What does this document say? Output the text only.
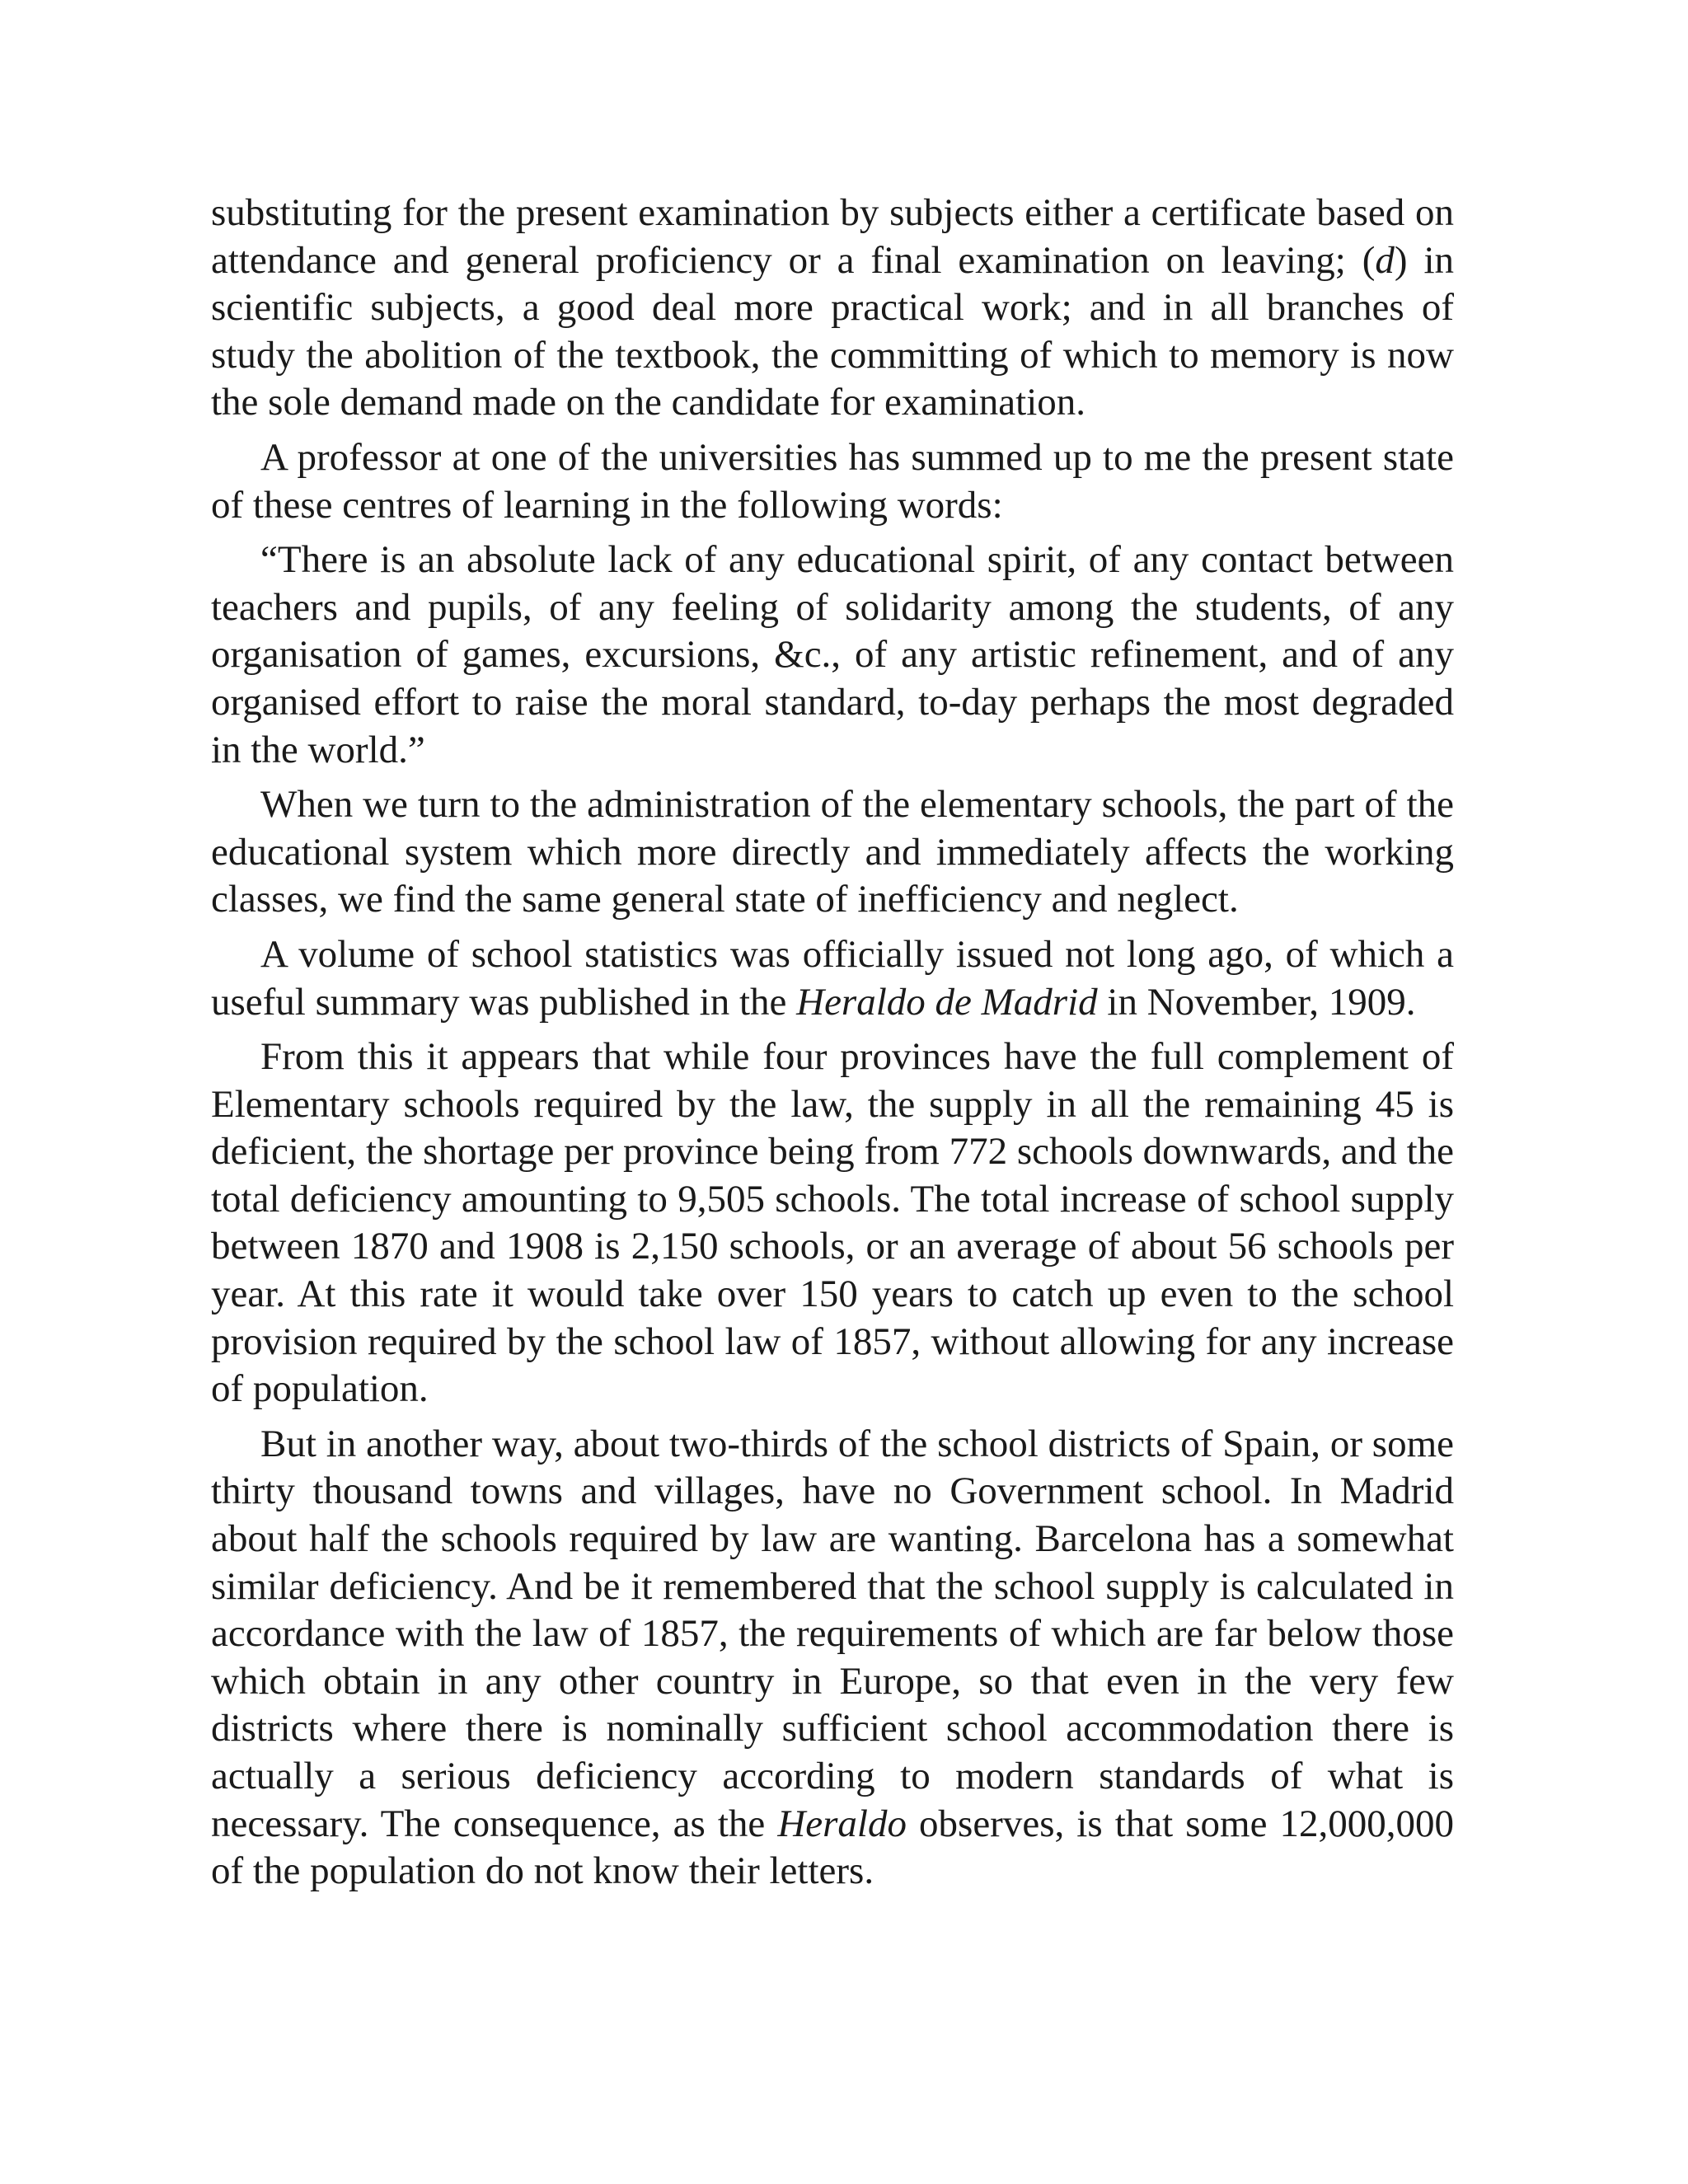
substituting for the present examination by subjects either a certificate based on attendance and general proficiency or a final examination on leaving; (d) in scientific subjects, a good deal more practical work; and in all branches of study the abolition of the textbook, the committing of which to memory is now the sole demand made on the candidate for examination.

A professor at one of the universities has summed up to me the present state of these centres of learning in the following words:

“There is an absolute lack of any educational spirit, of any contact between teachers and pupils, of any feeling of solidarity among the students, of any organisation of games, excursions, &c., of any artistic refinement, and of any organised effort to raise the moral standard, to-day perhaps the most degraded in the world.”

When we turn to the administration of the elementary schools, the part of the educational system which more directly and immediately affects the working classes, we find the same general state of inefficiency and neglect.

A volume of school statistics was officially issued not long ago, of which a useful summary was published in the Heraldo de Madrid in November, 1909.

From this it appears that while four provinces have the full complement of Elementary schools required by the law, the supply in all the remaining 45 is deficient, the shortage per province being from 772 schools downwards, and the total deficiency amounting to 9,505 schools. The total increase of school supply between 1870 and 1908 is 2,150 schools, or an average of about 56 schools per year. At this rate it would take over 150 years to catch up even to the school provision required by the school law of 1857, without allowing for any increase of population.

But in another way, about two-thirds of the school districts of Spain, or some thirty thousand towns and villages, have no Government school. In Madrid about half the schools required by law are wanting. Barcelona has a somewhat similar deficiency. And be it remembered that the school supply is calculated in accordance with the law of 1857, the requirements of which are far below those which obtain in any other country in Europe, so that even in the very few districts where there is nominally sufficient school accommodation there is actually a serious deficiency according to modern standards of what is necessary. The consequence, as the Heraldo observes, is that some 12,000,000 of the population do not know their letters.
